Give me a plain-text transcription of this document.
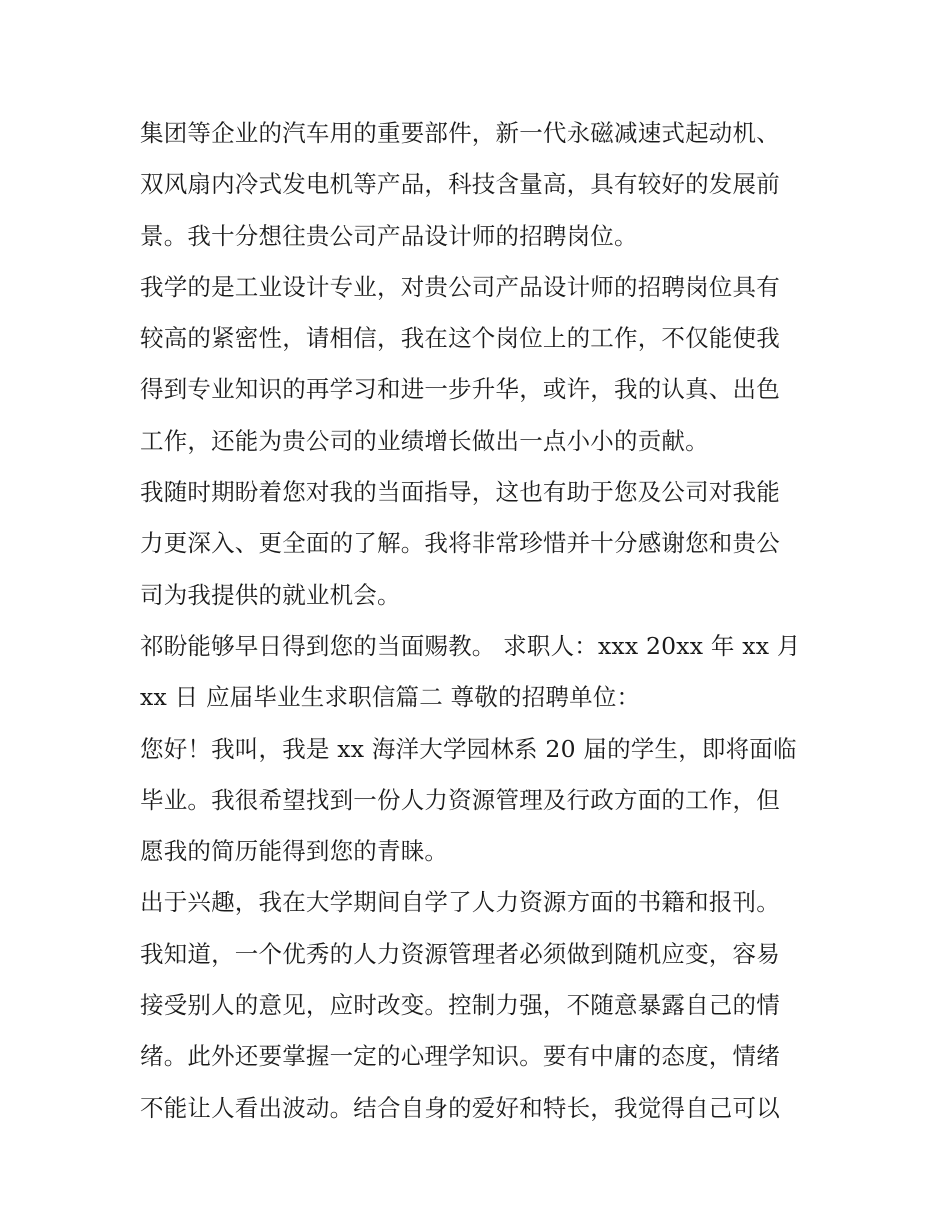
集团等企业的汽车用的重要部件，新一代永磁减速式起动机、
双风扇内冷式发电机等产品，科技含量高，具有较好的发展前
景。我十分想往贵公司产品设计师的招聘岗位。
我学的是工业设计专业，对贵公司产品设计师的招聘岗位具有
较高的紧密性，请相信，我在这个岗位上的工作，不仅能使我
得到专业知识的再学习和进一步升华，或许，我的认真、出色
工作，还能为贵公司的业绩增长做出一点小小的贡献。
我随时期盼着您对我的当面指导，这也有助于您及公司对我能
力更深入、更全面的了解。我将非常珍惜并十分感谢您和贵公
司为我提供的就业机会。
祁盼能够早日得到您的当面赐教。 求职人：xxx 20xx 年 xx 月
xx 日 应届毕业生求职信篇二 尊敬的招聘单位：
您好！我叫，我是 xx 海洋大学园林系 20 届的学生，即将面临
毕业。我很希望找到一份人力资源管理及行政方面的工作，但
愿我的简历能得到您的青睐。
出于兴趣，我在大学期间自学了人力资源方面的书籍和报刊。
我知道，一个优秀的人力资源管理者必须做到随机应变，容易
接受别人的意见，应时改变。控制力强，不随意暴露自己的情
绪。此外还要掌握一定的心理学知识。要有中庸的态度，情绪
不能让人看出波动。结合自身的爱好和特长，我觉得自己可以
